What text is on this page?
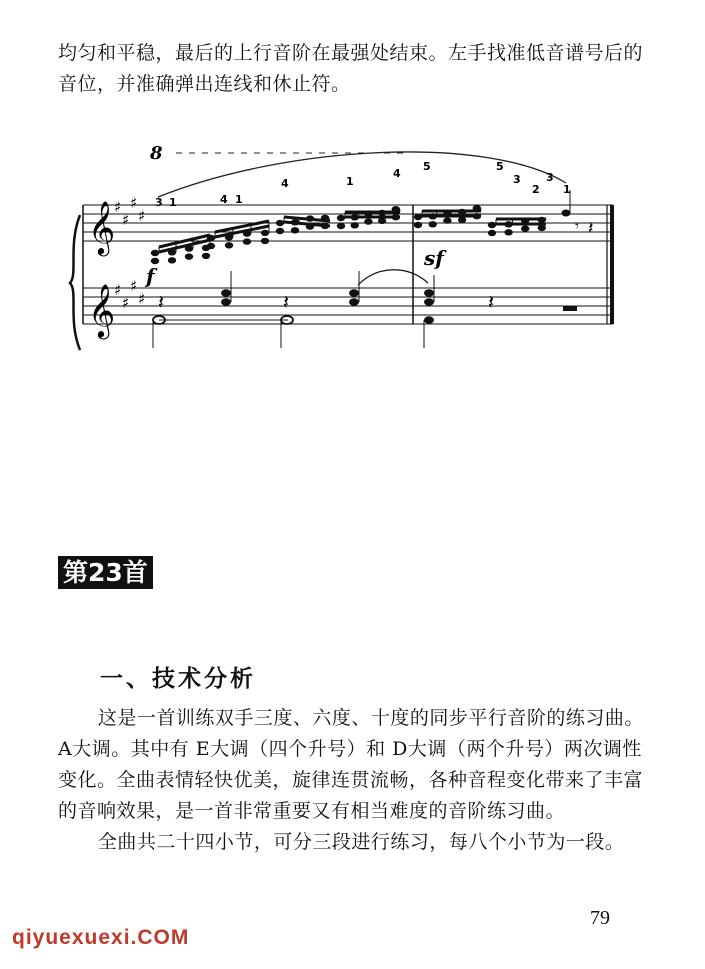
均匀和平稳，最后的上行音阶在最强处结束。左手找准低音谱号后的音位，并准确弹出连线和休止符。

8
𝄞
𝄞
♯
♯
♯
♯
♯
♯
♯
♯
3 1	4 1
4	1
4
5	5
3
2
3
1
𝄾 𝄽
f
sf
𝄽	𝄽	𝄽
第23首
一、技术分析

这是一首训练双手三度、六度、十度的同步平行音阶的练习曲。A大调。其中有 E大调（四个升号）和 D大调（两个升号）两次调性变化。全曲表情轻快优美，旋律连贯流畅，各种音程变化带来了丰富的音响效果，是一首非常重要又有相当难度的音阶练习曲。

全曲共二十四小节，可分三段进行练习，每八个小节为一段。

79
qiyuexuexi.COM
